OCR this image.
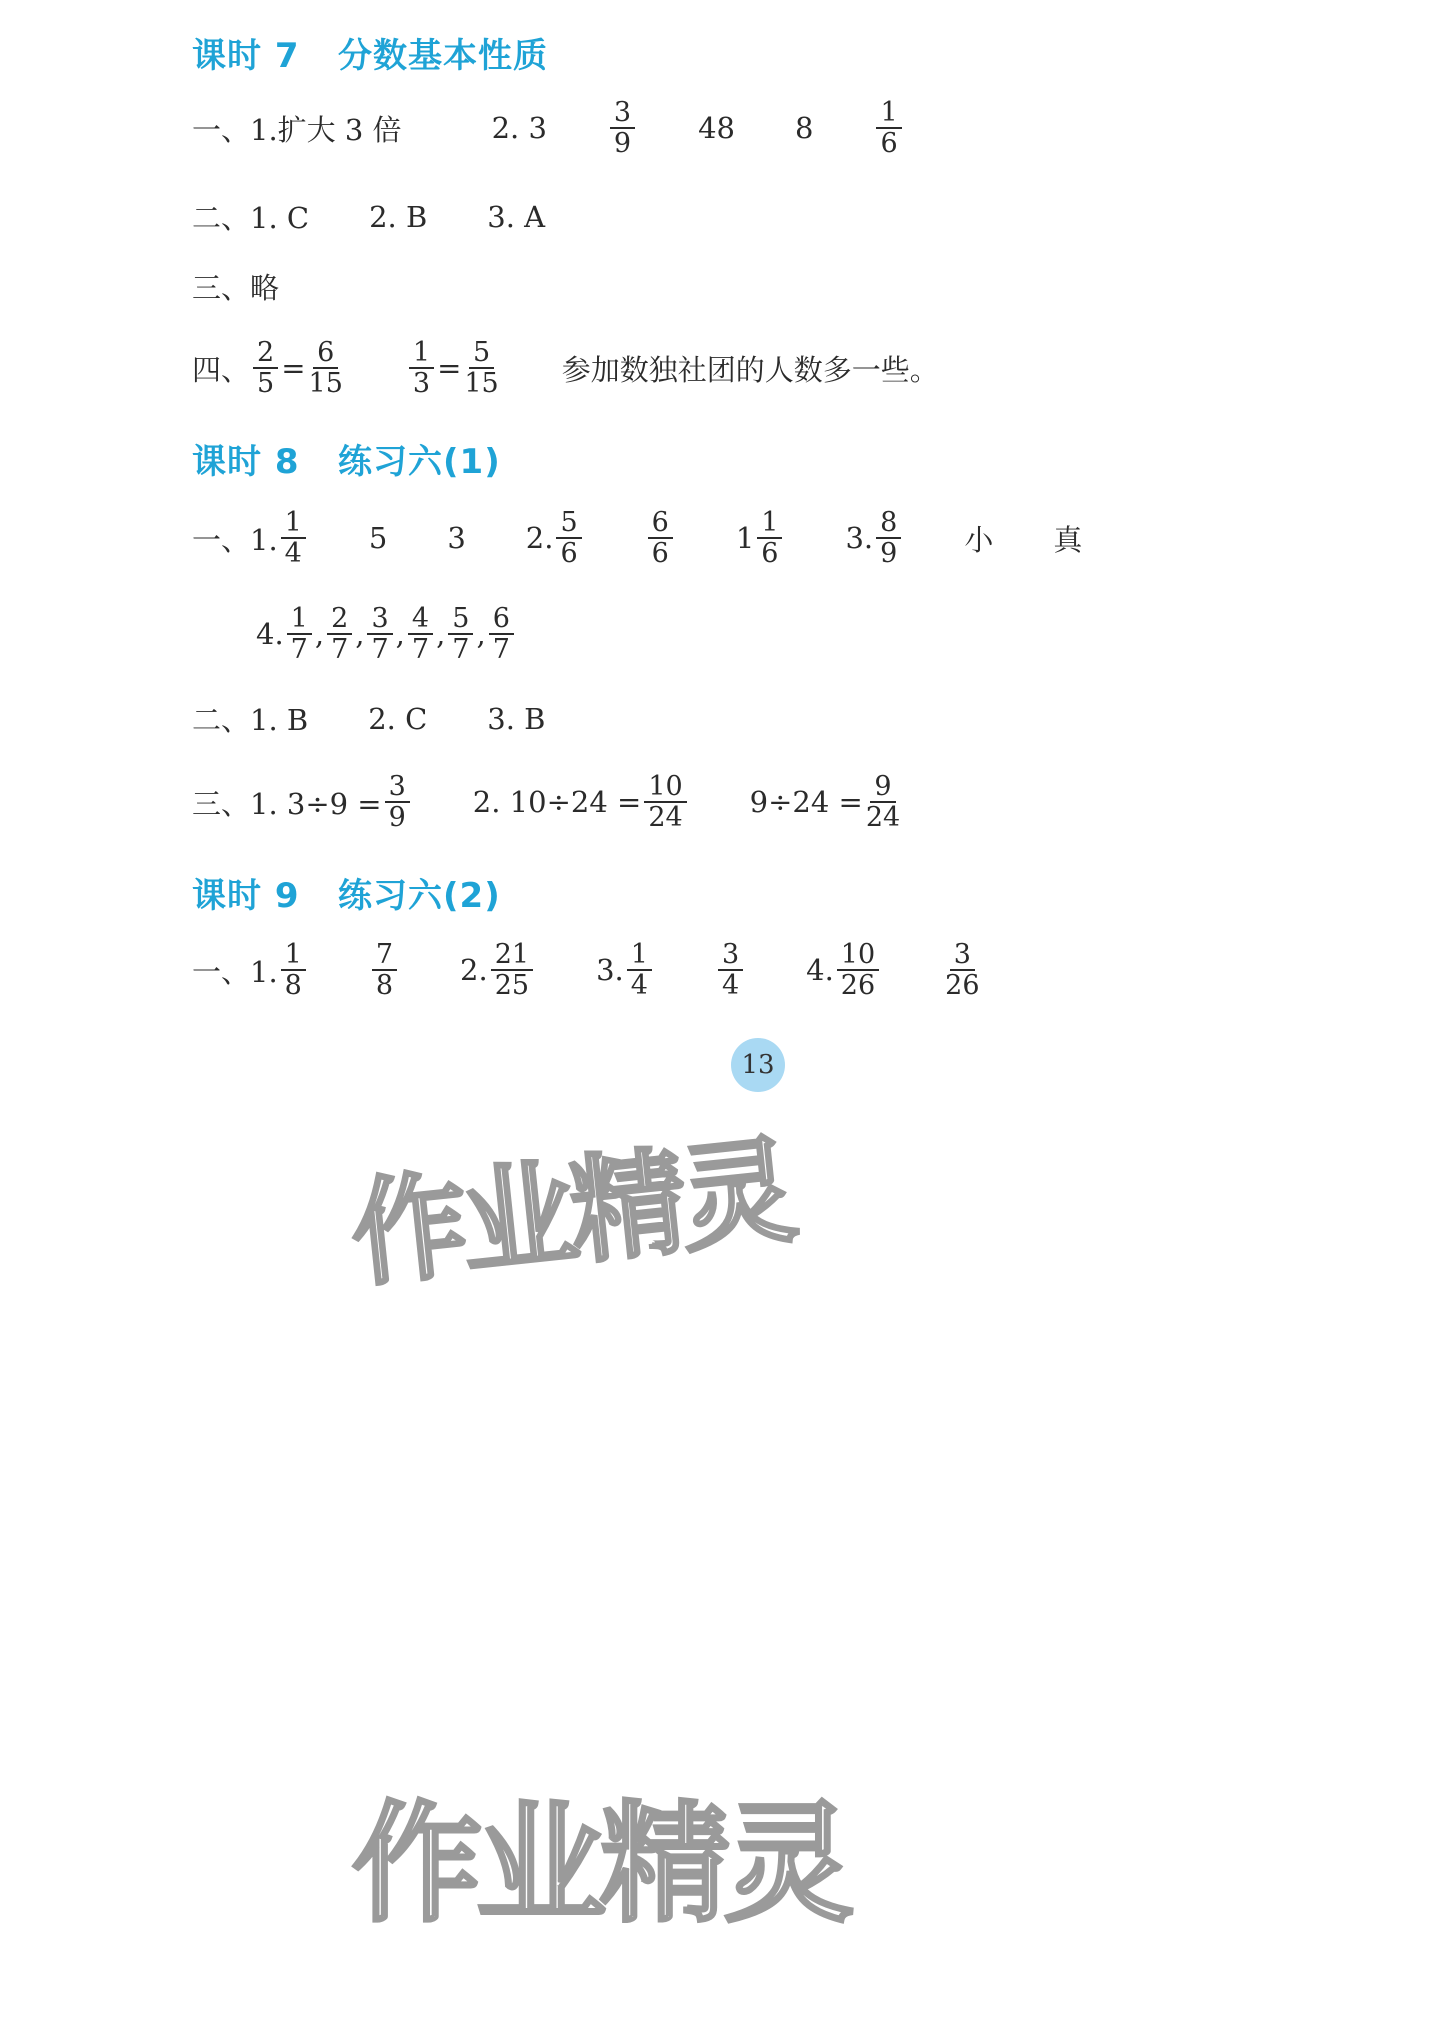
课时 7 分数基本性质
一、1. 扩大 3 倍	2. $3 \frac{3}{9} 48$ $8 \frac{1}{6}$
二、1. C 2. B 3. A
三、略
四、 $\frac{2}{5} = \frac{6}{15} \frac{1}{3} = \frac{5}{15}$ 参加数独社团的人数多一些。
课时 8 练习六(1)
一、1. $\frac{1}{4} 5$ 3 2. $\frac{5}{6} \frac{6}{6} 1 \frac{1}{6} 3$. $\frac{8}{9}$ 小 真
4. $\frac{1}{7}$ , $\frac{2}{7}$ , $\frac{3}{7}$ , $\frac{4}{7}$ , $\frac{5}{7}$ , $\frac{6}{7}$
二、1. B 2. C 3. B
三、1. $3\div 9 = \frac{3}{9} 2$. $10\div 24 = \frac{10}{24} 9\div 24 = \frac{9}{24}$
课时 9 练习六(2)
一、1. $\frac{1}{8} \frac{7}{8} 2$. $\frac{21}{25} 3$. $\frac{1}{4} \frac{3}{4} 4$. $\frac{10}{26} \frac{3}{26}$
13
作业精灵
作业精灵
